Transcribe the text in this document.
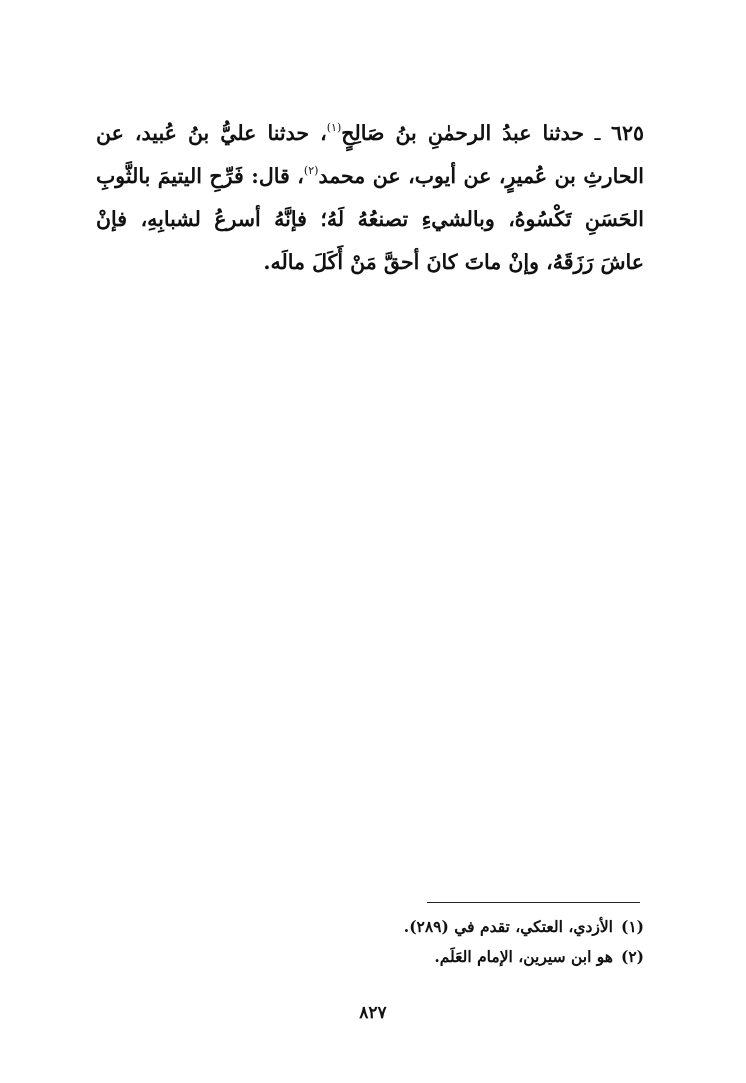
٦٢٥ ـ حدثنا عبدُ الرحمٰنِ بنُ صَالِحٍ$^{(١)}$، حدثنا عليُّ بنُ عُبيد، عن الحارثِ بن عُميرٍ، عن أيوب، عن محمد$^{(٢)}$، قال: فَرِّحِ اليتيمَ بالثَّوبِ الحَسَنِ تَكْسُوهُ، وبالشيءِ تصنعُهُ لَهُ؛ فإنَّهُ أسرعُ لشبابِهِ، فإنْ عاشَ رَزَقَهُ، وإنْ ماتَ كانَ أحقَّ مَنْ أَكَلَ مالَه.

(١)الأزدي، العتكي، تقدم في (٢٨٩).
(٢)هو ابن سيرين، الإمام العَلَم.
٨٢٧
